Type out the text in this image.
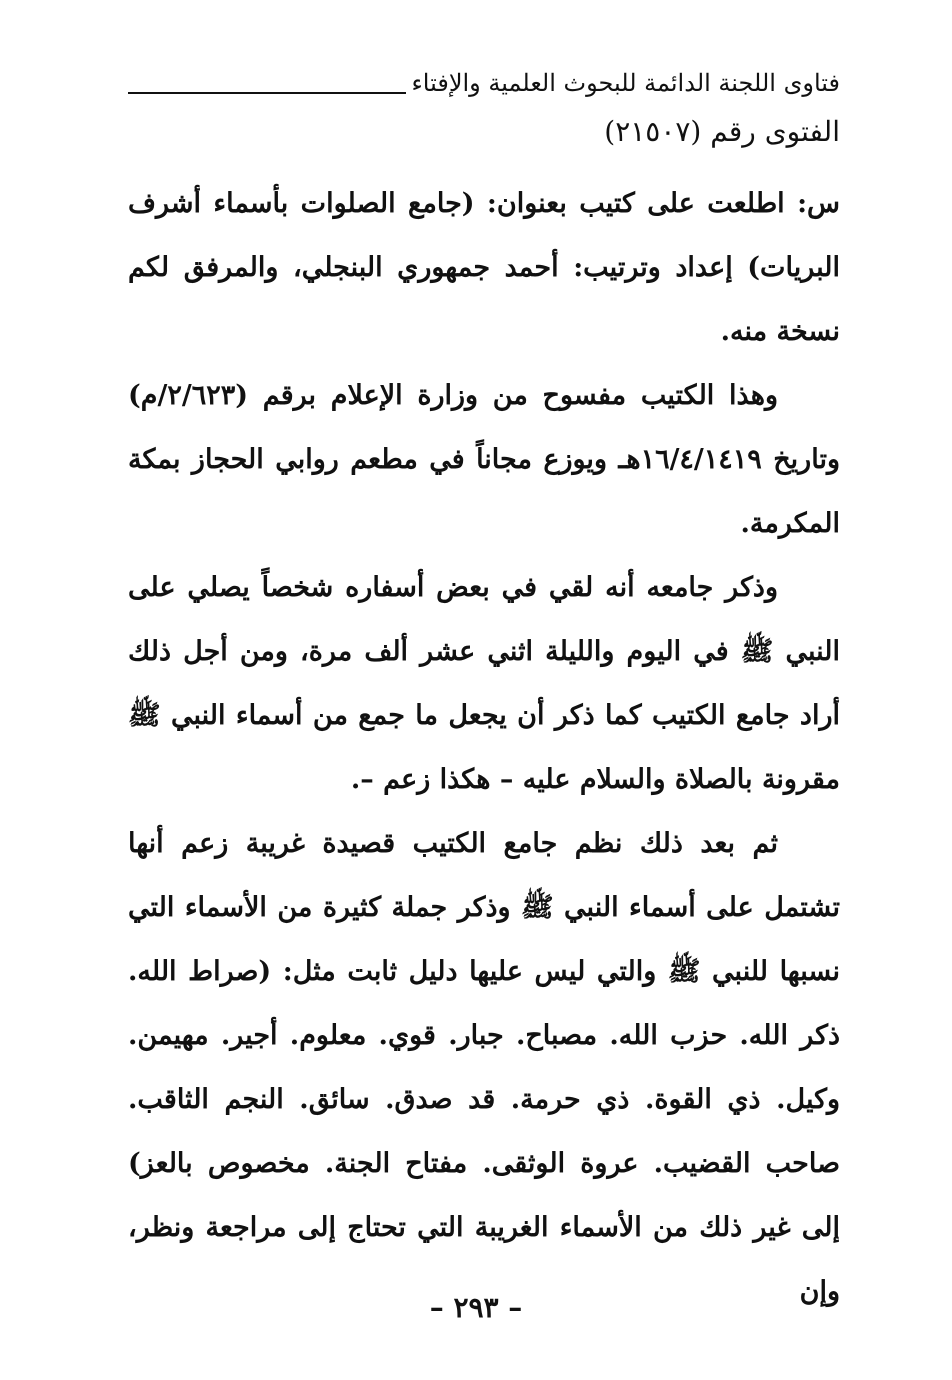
فتاوى اللجنة الدائمة للبحوث العلمية والإفتاء
الفتوى رقم (٢١٥٠٧)

س: اطلعت على كتيب بعنوان: (جامع الصلوات بأسماء أشرف البريات) إعداد وترتيب: أحمد جمهوري البنجلي، والمرفق لكم نسخة منه.

وهذا الكتيب مفسوح من وزارة الإعلام برقم (٢/٦٢٣/م) وتاريخ ١٦/٤/١٤١٩هـ ويوزع مجاناً في مطعم روابي الحجاز بمكة المكرمة.

وذكر جامعه أنه لقي في بعض أسفاره شخصاً يصلي على النبي ﷺ في اليوم والليلة اثني عشر ألف مرة، ومن أجل ذلك أراد جامع الكتيب كما ذكر أن يجعل ما جمع من أسماء النبي ﷺ مقرونة بالصلاة والسلام عليه – هكذا زعم –.

ثم بعد ذلك نظم جامع الكتيب قصيدة غريبة زعم أنها تشتمل على أسماء النبي ﷺ وذكر جملة كثيرة من الأسماء التي نسبها للنبي ﷺ والتي ليس عليها دليل ثابت مثل: (صراط الله. ذكر الله. حزب الله. مصباح. جبار. قوي. معلوم. أجير. مهيمن. وكيل. ذي القوة. ذي حرمة. قد صدق. سائق. النجم الثاقب. صاحب القضيب. عروة الوثقى. مفتاح الجنة. مخصوص بالعز) إلى غير ذلك من الأسماء الغريبة التي تحتاج إلى مراجعة ونظر، وإن

– ٢٩٣ –
